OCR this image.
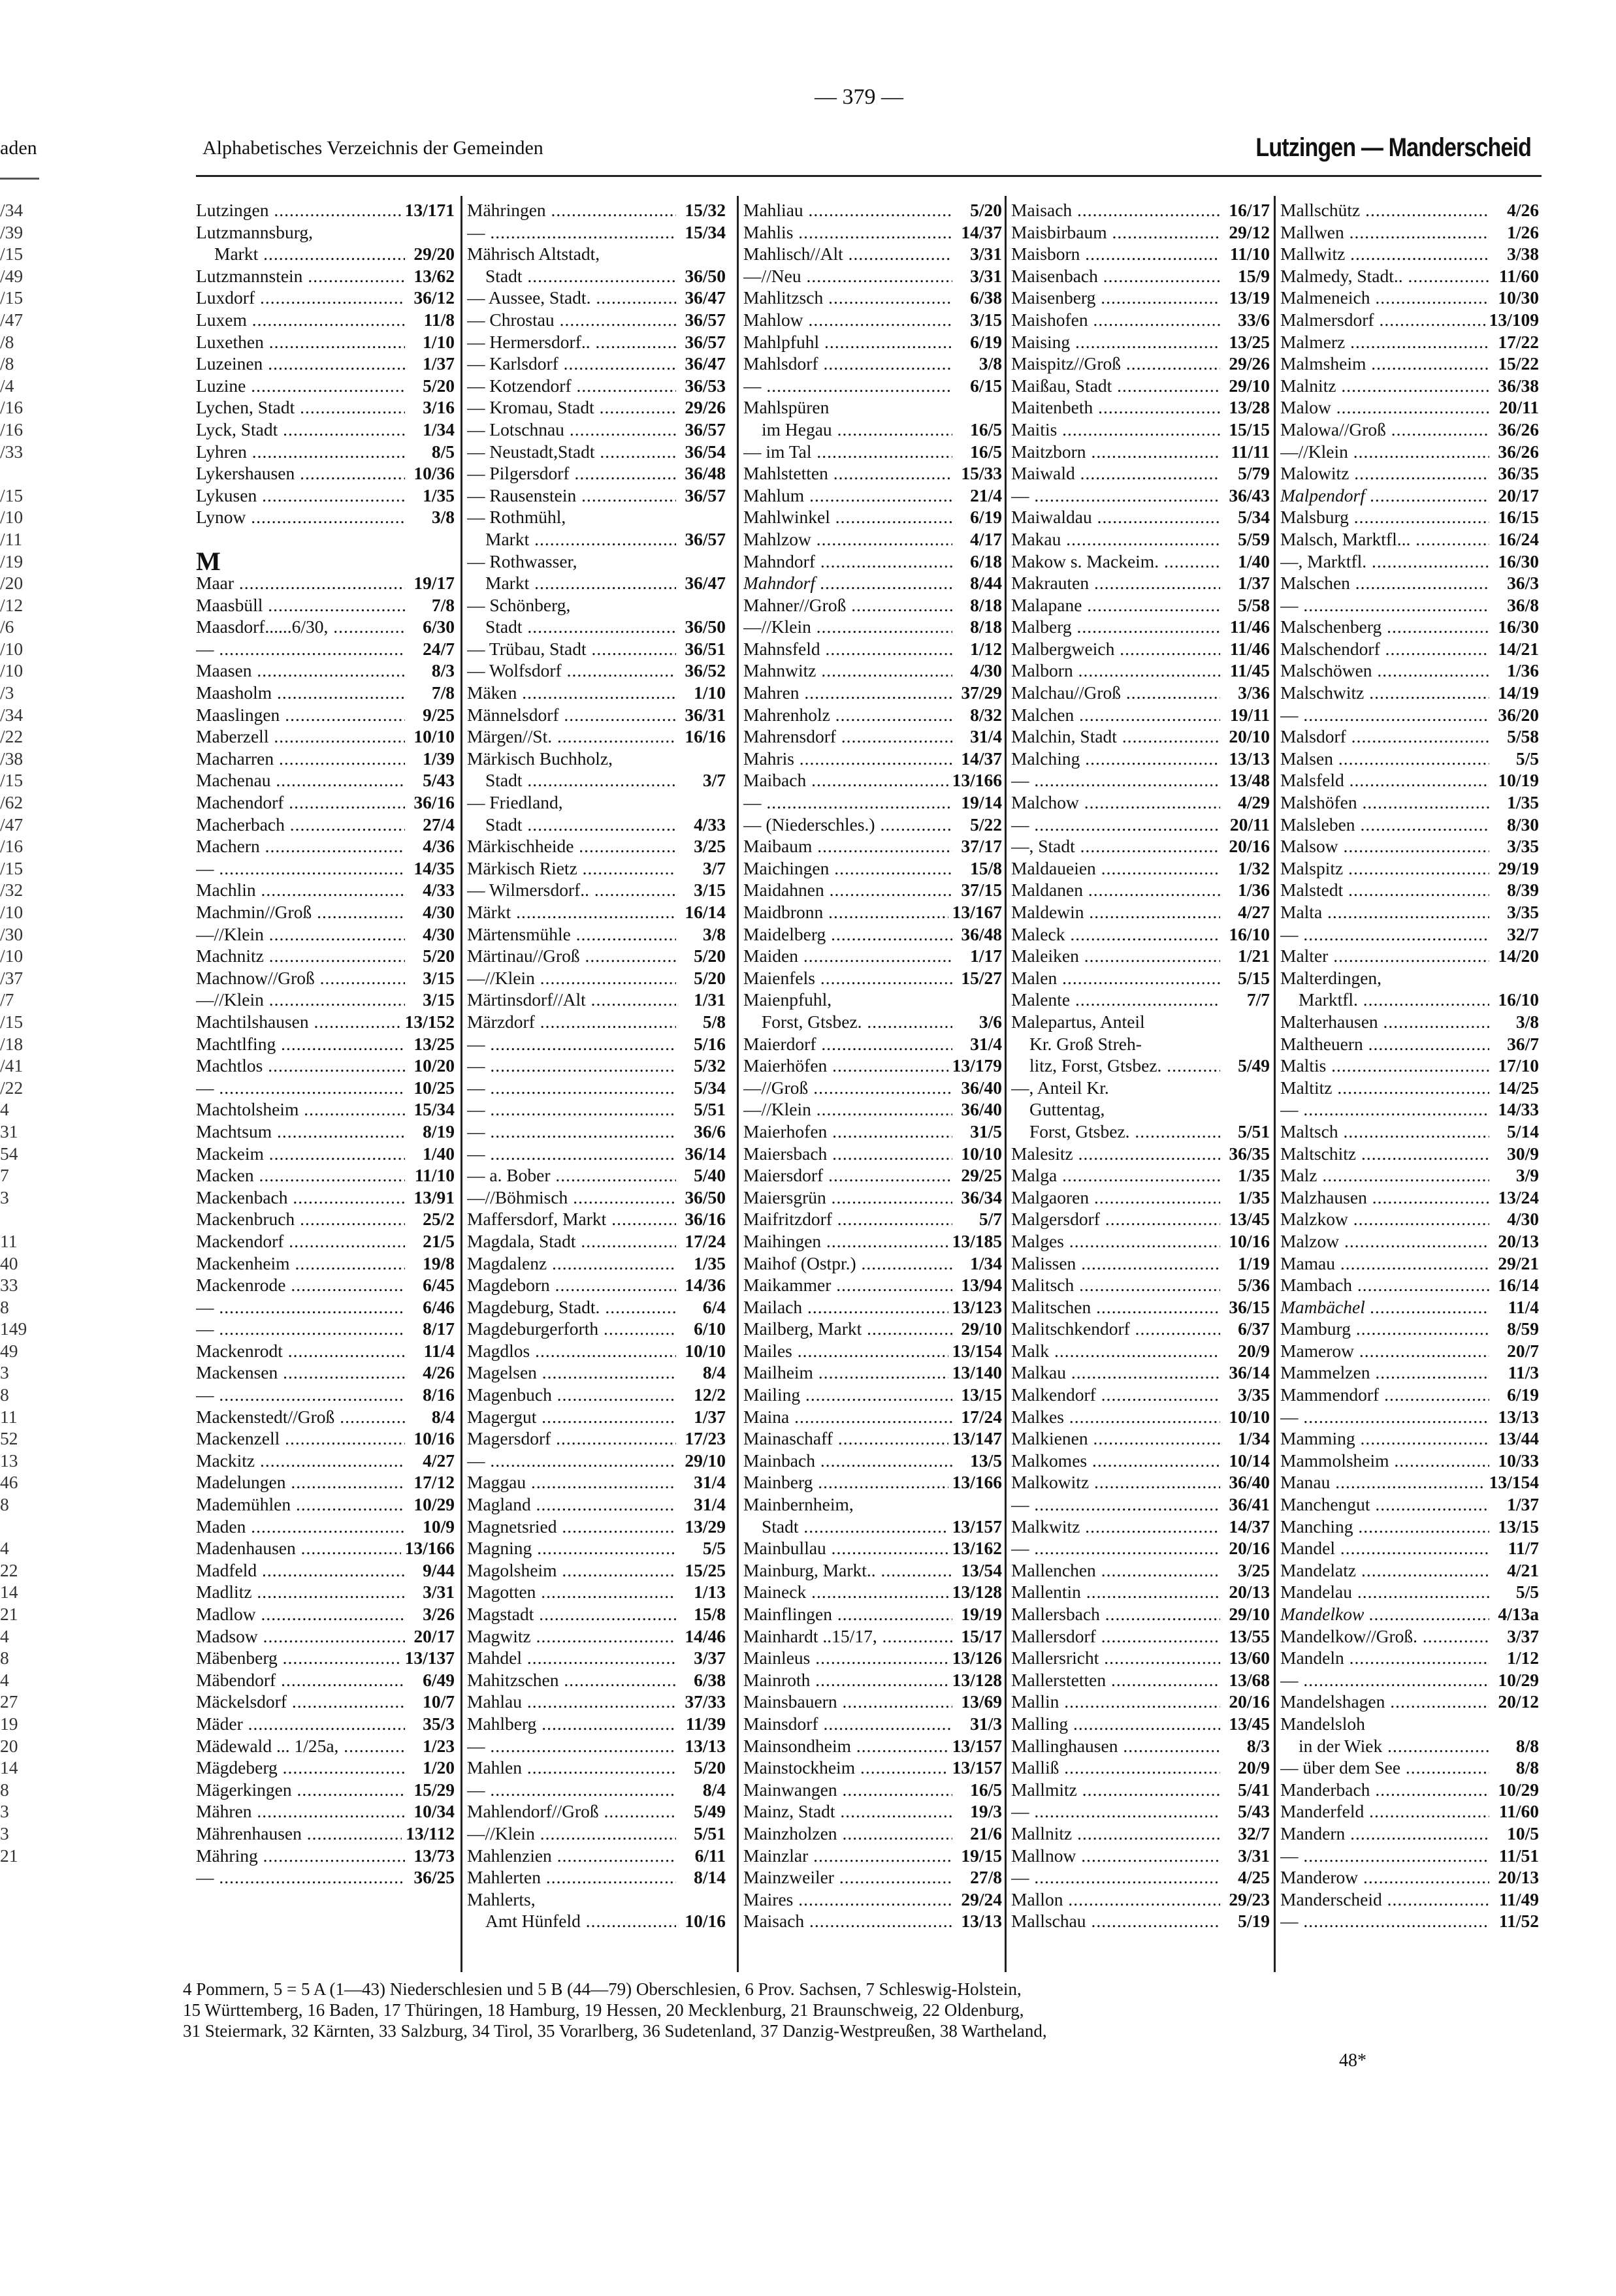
— 379 —
aden	Alphabetisches Verzeichnis der Gemeinden	Lutzingen — Manderscheid
/34
/39
/15
/49
/15
/47
/8
/8
/4
/16
/16
/33
/15
/10
/11
/19
/20
/12
/6
/10
/10
/3
/34
/22
/38
/15
/62
/47
/16
/15
/32
/10
/30
/10
/37
/7
/15
/18
/41
/22
4
31
54
7
3
11
40
33
8
149
49
3
8
11
52
13
46
8
4
22
14
21
4
8
4
27
19
20
14
8
3
3
21
Lutzingen .....	13/171
Lutzmannsburg,
Markt .....	29/20
Lutzmannstein .....	13/62
Luxdorf .....	36/12
Luxem .....	11/8
Luxethen .....	1/10
Luzeinen .....	1/37
Luzine .....	5/20
Lychen, Stadt .....	3/16
Lyck, Stadt .....	1/34
Lyhren .....	8/5
Lykershausen .....	10/36
Lykusen .....	1/35
Lynow .....	3/8
M
Maar .....	19/17
Maasbüll .....	7/8
Maasdorf......6/30, .....	6/30
— .....	24/7
Maasen .....	8/3
Maasholm .....	7/8
Maaslingen .....	9/25
Maberzell .....	10/10
Macharren .....	1/39
Machenau .....	5/43
Machendorf .....	36/16
Macherbach .....	27/4
Machern .....	4/36
— .....	14/35
Machlin .....	4/33
Machmin//Groß .....	4/30
—//Klein .....	4/30
Machnitz .....	5/20
Machnow//Groß .....	3/15
—//Klein .....	3/15
Machtilshausen .....	13/152
Machtlfing .....	13/25
Machtlos .....	10/20
— .....	10/25
Machtolsheim .....	15/34
Machtsum .....	8/19
Mackeim .....	1/40
Macken .....	11/10
Mackenbach .....	13/91
Mackenbruch .....	25/2
Mackendorf .....	21/5
Mackenheim .....	19/8
Mackenrode .....	6/45
— .....	6/46
— .....	8/17
Mackenrodt .....	11/4
Mackensen .....	4/26
— .....	8/16
Mackenstedt//Groß .....	8/4
Mackenzell .....	10/16
Mackitz .....	4/27
Madelungen .....	17/12
Mademühlen .....	10/29
Maden .....	10/9
Madenhausen .....	13/166
Madfeld .....	9/44
Madlitz .....	3/31
Madlow .....	3/26
Madsow .....	20/17
Mäbenberg .....	13/137
Mäbendorf .....	6/49
Mäckelsdorf .....	10/7
Mäder .....	35/3
Mädewald ... 1/25a, .....	1/23
Mägdeberg .....	1/20
Mägerkingen .....	15/29
Mähren .....	10/34
Mährenhausen .....	13/112
Mähring .....	13/73
— .....	36/25
Mähringen .....	15/32
— .....	15/34
Mährisch Altstadt,
Stadt .....	36/50
— Aussee, Stadt. .....	36/47
— Chrostau .....	36/57
— Hermersdorf.. .....	36/57
— Karlsdorf .....	36/47
— Kotzendorf .....	36/53
— Kromau, Stadt .....	29/26
— Lotschnau .....	36/57
— Neustadt,Stadt .....	36/54
— Pilgersdorf .....	36/48
— Rausenstein .....	36/57
— Rothmühl,
Markt .....	36/57
— Rothwasser,
Markt .....	36/47
— Schönberg,
Stadt .....	36/50
— Trübau, Stadt .....	36/51
— Wolfsdorf .....	36/52
Mäken .....	1/10
Männelsdorf .....	36/31
Märgen//St. .....	16/16
Märkisch Buchholz,
Stadt .....	3/7
— Friedland,
Stadt .....	4/33
Märkischheide .....	3/25
Märkisch Rietz .....	3/7
— Wilmersdorf.. .....	3/15
Märkt .....	16/14
Märtensmühle .....	3/8
Märtinau//Groß .....	5/20
—//Klein .....	5/20
Märtinsdorf//Alt .....	1/31
Märzdorf .....	5/8
— .....	5/16
— .....	5/32
— .....	5/34
— .....	5/51
— .....	36/6
— .....	36/14
— a. Bober .....	5/40
—//Böhmisch .....	36/50
Maffersdorf, Markt .....	36/16
Magdala, Stadt .....	17/24
Magdalenz .....	1/35
Magdeborn .....	14/36
Magdeburg, Stadt. .....	6/4
Magdeburgerforth .....	6/10
Magdlos .....	10/10
Magelsen .....	8/4
Magenbuch .....	12/2
Magergut .....	1/37
Magersdorf .....	17/23
— .....	29/10
Maggau .....	31/4
Magland .....	31/4
Magnetsried .....	13/29
Magning .....	5/5
Magolsheim .....	15/25
Magotten .....	1/13
Magstadt .....	15/8
Magwitz .....	14/46
Mahdel .....	3/37
Mahitzschen .....	6/38
Mahlau .....	37/33
Mahlberg .....	11/39
— .....	13/13
Mahlen .....	5/20
— .....	8/4
Mahlendorf//Groß .....	5/49
—//Klein .....	5/51
Mahlenzien .....	6/11
Mahlerten .....	8/14
Mahlerts,
Amt Hünfeld .....	10/16
Mahliau .....	5/20
Mahlis .....	14/37
Mahlisch//Alt .....	3/31
—//Neu .....	3/31
Mahlitzsch .....	6/38
Mahlow .....	3/15
Mahlpfuhl .....	6/19
Mahlsdorf .....	3/8
— .....	6/15
Mahlspüren
im Hegau .....	16/5
— im Tal .....	16/5
Mahlstetten .....	15/33
Mahlum .....	21/4
Mahlwinkel .....	6/19
Mahlzow .....	4/17
Mahndorf .....	6/18
Mahndorf .....	8/44
Mahner//Groß .....	8/18
—//Klein .....	8/18
Mahnsfeld .....	1/12
Mahnwitz .....	4/30
Mahren .....	37/29
Mahrenholz .....	8/32
Mahrensdorf .....	31/4
Mahris .....	14/37
Maibach .....	13/166
— .....	19/14
— (Niederschles.) .....	5/22
Maibaum .....	37/17
Maichingen .....	15/8
Maidahnen .....	37/15
Maidbronn .....	13/167
Maidelberg .....	36/48
Maiden .....	1/17
Maienfels .....	15/27
Maienpfuhl,
Forst, Gtsbez. .....	3/6
Maierdorf .....	31/4
Maierhöfen .....	13/179
—//Groß .....	36/40
—//Klein .....	36/40
Maierhofen .....	31/5
Maiersbach .....	10/10
Maiersdorf .....	29/25
Maiersgrün .....	36/34
Maifritzdorf .....	5/7
Maihingen .....	13/185
Maihof (Ostpr.) .....	1/34
Maikammer .....	13/94
Mailach .....	13/123
Mailberg, Markt .....	29/10
Mailes .....	13/154
Mailheim .....	13/140
Mailing .....	13/15
Maina .....	17/24
Mainaschaff .....	13/147
Mainbach .....	13/5
Mainberg .....	13/166
Mainbernheim,
Stadt .....	13/157
Mainbullau .....	13/162
Mainburg, Markt.. .....	13/54
Maineck .....	13/128
Mainflingen .....	19/19
Mainhardt ..15/17, .....	15/17
Mainleus .....	13/126
Mainroth .....	13/128
Mainsbauern .....	13/69
Mainsdorf .....	31/3
Mainsondheim .....	13/157
Mainstockheim .....	13/157
Mainwangen .....	16/5
Mainz, Stadt .....	19/3
Mainzholzen .....	21/6
Mainzlar .....	19/15
Mainzweiler .....	27/8
Maires .....	29/24
Maisach .....	13/13
Maisach .....	16/17
Maisbirbaum .....	29/12
Maisborn .....	11/10
Maisenbach .....	15/9
Maisenberg .....	13/19
Maishofen .....	33/6
Maising .....	13/25
Maispitz//Groß .....	29/26
Maißau, Stadt .....	29/10
Maitenbeth .....	13/28
Maitis .....	15/15
Maitzborn .....	11/11
Maiwald .....	5/79
— .....	36/43
Maiwaldau .....	5/34
Makau .....	5/59
Makow s. Mackeim. .....	1/40
Makrauten .....	1/37
Malapane .....	5/58
Malberg .....	11/46
Malbergweich .....	11/46
Malborn .....	11/45
Malchau//Groß .....	3/36
Malchen .....	19/11
Malchin, Stadt .....	20/10
Malching .....	13/13
— .....	13/48
Malchow .....	4/29
— .....	20/11
—, Stadt .....	20/16
Maldaueien .....	1/32
Maldanen .....	1/36
Maldewin .....	4/27
Maleck .....	16/10
Maleiken .....	1/21
Malen .....	5/15
Malente .....	7/7
Malepartus, Anteil
Kr. Groß Streh-
litz, Forst, Gtsbez. .....	5/49
—, Anteil Kr.
Guttentag,
Forst, Gtsbez. .....	5/51
Malesitz .....	36/35
Malga .....	1/35
Malgaoren .....	1/35
Malgersdorf .....	13/45
Malges .....	10/16
Malissen .....	1/19
Malitsch .....	5/36
Malitschen .....	36/15
Malitschkendorf .....	6/37
Malk .....	20/9
Malkau .....	36/14
Malkendorf .....	3/35
Malkes .....	10/10
Malkienen .....	1/34
Malkomes .....	10/14
Malkowitz .....	36/40
— .....	36/41
Malkwitz .....	14/37
— .....	20/16
Mallenchen .....	3/25
Mallentin .....	20/13
Mallersbach .....	29/10
Mallersdorf .....	13/55
Mallersricht .....	13/60
Mallerstetten .....	13/68
Mallin .....	20/16
Malling .....	13/45
Mallinghausen .....	8/3
Malliß .....	20/9
Mallmitz .....	5/41
— .....	5/43
Mallnitz .....	32/7
Mallnow .....	3/31
— .....	4/25
Mallon .....	29/23
Mallschau .....	5/19
Mallschütz .....	4/26
Mallwen .....	1/26
Mallwitz .....	3/38
Malmedy, Stadt.. .....	11/60
Malmeneich .....	10/30
Malmersdorf .....	13/109
Malmerz .....	17/22
Malmsheim .....	15/22
Malnitz .....	36/38
Malow .....	20/11
Malowa//Groß .....	36/26
—//Klein .....	36/26
Malowitz .....	36/35
Malpendorf .....	20/17
Malsburg .....	16/15
Malsch, Marktfl... .....	16/24
—, Marktfl. .....	16/30
Malschen .....	36/3
— .....	36/8
Malschenberg .....	16/30
Malschendorf .....	14/21
Malschöwen .....	1/36
Malschwitz .....	14/19
— .....	36/20
Malsdorf .....	5/58
Malsen .....	5/5
Malsfeld .....	10/19
Malshöfen .....	1/35
Malsleben .....	8/30
Malsow .....	3/35
Malspitz .....	29/19
Malstedt .....	8/39
Malta .....	3/35
— .....	32/7
Malter .....	14/20
Malterdingen,
Marktfl. .....	16/10
Malterhausen .....	3/8
Maltheuern .....	36/7
Maltis .....	17/10
Maltitz .....	14/25
— .....	14/33
Maltsch .....	5/14
Maltschitz .....	30/9
Malz .....	3/9
Malzhausen .....	13/24
Malzkow .....	4/30
Malzow .....	20/13
Mamau .....	29/21
Mambach .....	16/14
Mambächel .....	11/4
Mamburg .....	8/59
Mamerow .....	20/7
Mammelzen .....	11/3
Mammendorf .....	6/19
— .....	13/13
Mamming .....	13/44
Mammolsheim .....	10/33
Manau .....	13/154
Manchengut .....	1/37
Manching .....	13/15
Mandel .....	11/7
Mandelatz .....	4/21
Mandelau .....	5/5
Mandelkow .....	4/13a
Mandelkow//Groß. .....	3/37
Mandeln .....	1/12
— .....	10/29
Mandelshagen .....	20/12
Mandelsloh
in der Wiek .....	8/8
— über dem See .....	8/8
Manderbach .....	10/29
Manderfeld .....	11/60
Mandern .....	10/5
— .....	11/51
Manderow .....	20/13
Manderscheid .....	11/49
— .....	11/52
4 Pommern, 5 = 5 A (1—43) Niederschlesien und 5 B (44—79) Oberschlesien, 6 Prov. Sachsen, 7 Schleswig-Holstein,
15 Württemberg, 16 Baden, 17 Thüringen, 18 Hamburg, 19 Hessen, 20 Mecklenburg, 21 Braunschweig, 22 Oldenburg,
31 Steiermark, 32 Kärnten, 33 Salzburg, 34 Tirol, 35 Vorarlberg, 36 Sudetenland, 37 Danzig-Westpreußen, 38 Wartheland,
48*
